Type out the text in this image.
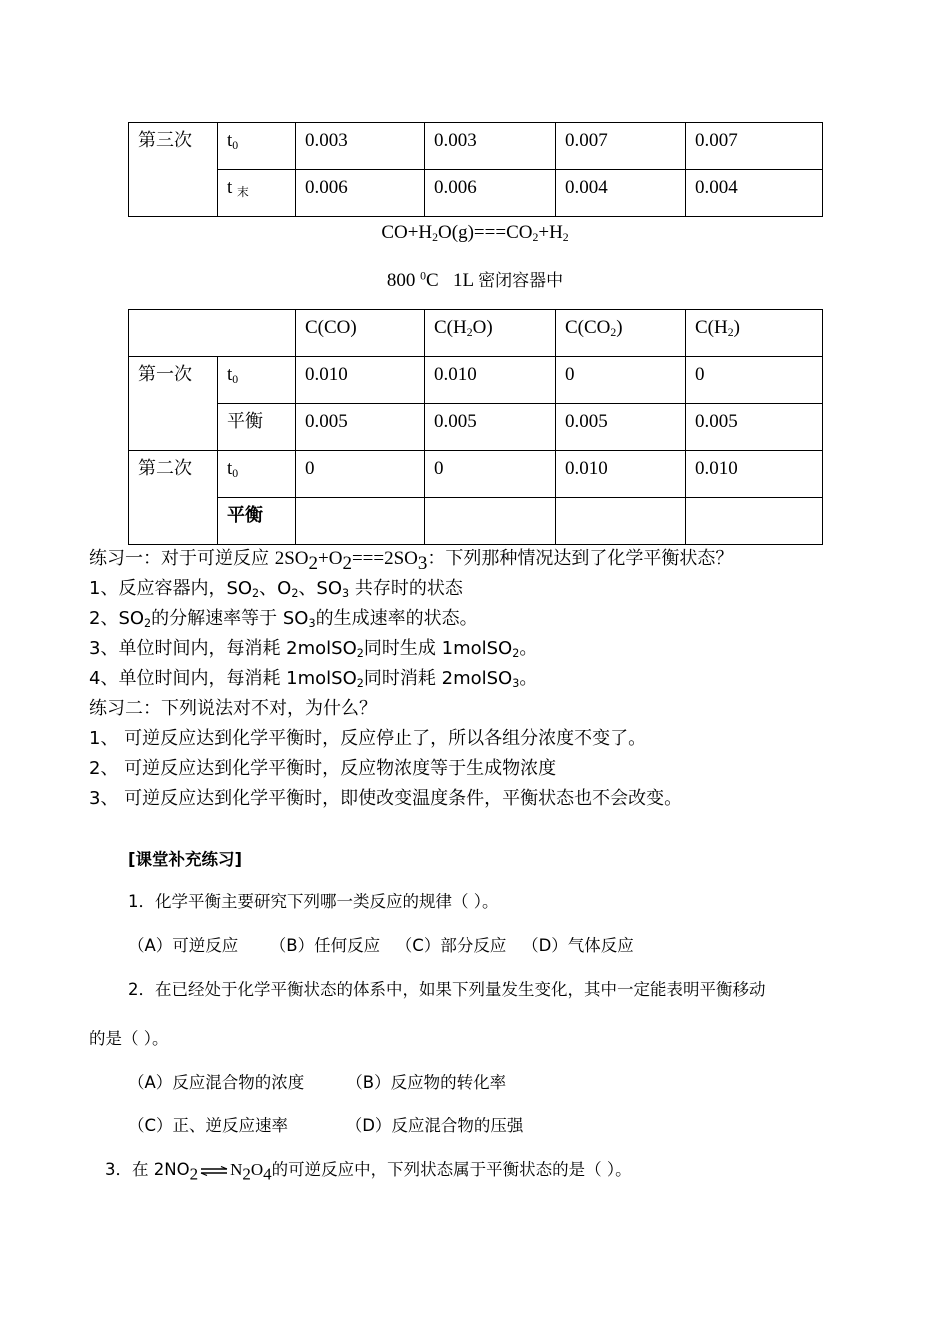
第三次	$t_0$	0.003	0.003	0.007	0.007
	t $_末$	0.006	0.006	0.004	0.004
$CO+H_2O(g)===CO_2+H_2$
800 $^0$C   1L 密闭容器中
		C(CO)	$C(H_2O)$	$C(CO_2)$	$C(H_2)$
第一次	$t_0$	0.010	0.010	0	0
	平衡	0.005	0.005	0.005	0.005
第二次	$t_0$	0	0	0.010	0.010
	平衡				
练习一：对于可逆反应 $2SO_2+O_2===2SO_3$：下列那种情况达到了化学平衡状态？
1、反应容器内，$SO_2$、$O_2$、$SO_3$ 共存时的状态
2、$SO_2$的分解速率等于 $SO_3$的生成速率的状态。
3、单位时间内，每消耗 2molSO$_2$同时生成 1molSO$_2$。
4、单位时间内，每消耗 1molSO$_2$同时消耗 2molSO$_3$。
练习二：下列说法对不对，为什么？
1、 可逆反应达到化学平衡时，反应停止了，所以各组分浓度不变了。
2、 可逆反应达到化学平衡时，反应物浓度等于生成物浓度
3、 可逆反应达到化学平衡时，即使改变温度条件，平衡状态也不会改变。
[课堂补充练习]
1．化学平衡主要研究下列哪一类反应的规律（ ）。
（A）可逆反应      （B）任何反应   （C）部分反应   （D）气体反应
2．在已经处于化学平衡状态的体系中，如果下列量发生变化，其中一定能表明平衡移动
的是（ ）。
（A）反应混合物的浓度        （B）反应物的转化率
（C）正、逆反应速率           （D）反应混合物的压强
3．在 $2NO_2$ ⇌ $N_2O_4$的可逆反应中，下列状态属于平衡状态的是（ ）。
